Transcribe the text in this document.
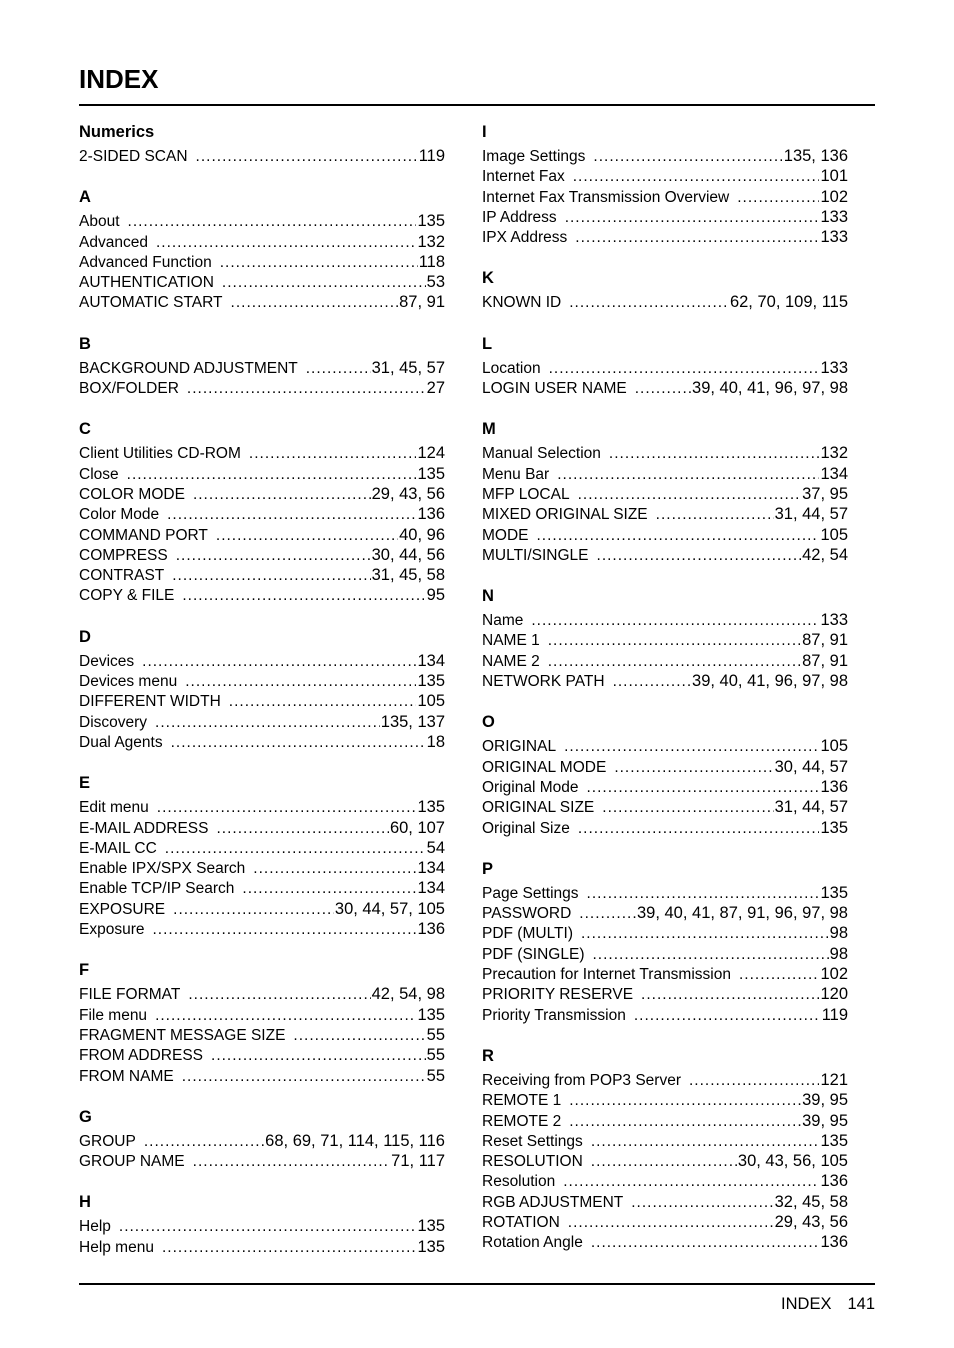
INDEX
Numerics
2-SIDED SCAN .....	119
A
About .....	135
Advanced .....	132
Advanced Function .....	118
AUTHENTICATION .....	53
AUTOMATIC START .....	87, 91
B
BACKGROUND ADJUSTMENT .....	31, 45, 57
BOX/FOLDER .....	27
C
Client Utilities CD-ROM .....	124
Close .....	135
COLOR MODE .....	29, 43, 56
Color Mode .....	136
COMMAND PORT .....	40, 96
COMPRESS .....	30, 44, 56
CONTRAST .....	31, 45, 58
COPY & FILE .....	95
D
Devices .....	134
Devices menu .....	135
DIFFERENT WIDTH .....	105
Discovery .....	135, 137
Dual Agents .....	18
E
Edit menu .....	135
E-MAIL ADDRESS .....	60, 107
E-MAIL CC .....	54
Enable IPX/SPX Search .....	134
Enable TCP/IP Search .....	134
EXPOSURE .....	30, 44, 57, 105
Exposure .....	136
F
FILE FORMAT .....	42, 54, 98
File menu .....	135
FRAGMENT MESSAGE SIZE .....	55
FROM ADDRESS .....	55
FROM NAME .....	55
G
GROUP .....	68, 69, 71, 114, 115, 116
GROUP NAME .....	71, 117
H
Help .....	135
Help menu .....	135
I
Image Settings .....	135, 136
Internet Fax .....	101
Internet Fax Transmission Overview .....	102
IP Address .....	133
IPX Address .....	133
K
KNOWN ID .....	62, 70, 109, 115
L
Location .....	133
LOGIN USER NAME .....	39, 40, 41, 96, 97, 98
M
Manual Selection .....	132
Menu Bar .....	134
MFP LOCAL .....	37, 95
MIXED ORIGINAL SIZE .....	31, 44, 57
MODE .....	105
MULTI/SINGLE .....	42, 54
N
Name .....	133
NAME 1 .....	87, 91
NAME 2 .....	87, 91
NETWORK PATH .....	39, 40, 41, 96, 97, 98
O
ORIGINAL .....	105
ORIGINAL MODE .....	30, 44, 57
Original Mode .....	136
ORIGINAL SIZE .....	31, 44, 57
Original Size .....	135
P
Page Settings .....	135
PASSWORD .....	39, 40, 41, 87, 91, 96, 97, 98
PDF (MULTI) .....	98
PDF (SINGLE) .....	98
Precaution for Internet Transmission .....	102
PRIORITY RESERVE .....	120
Priority Transmission .....	119
R
Receiving from POP3 Server .....	121
REMOTE 1 .....	39, 95
REMOTE 2 .....	39, 95
Reset Settings .....	135
RESOLUTION .....	30, 43, 56, 105
Resolution .....	136
RGB ADJUSTMENT .....	32, 45, 58
ROTATION .....	29, 43, 56
Rotation Angle .....	136
INDEX 141
